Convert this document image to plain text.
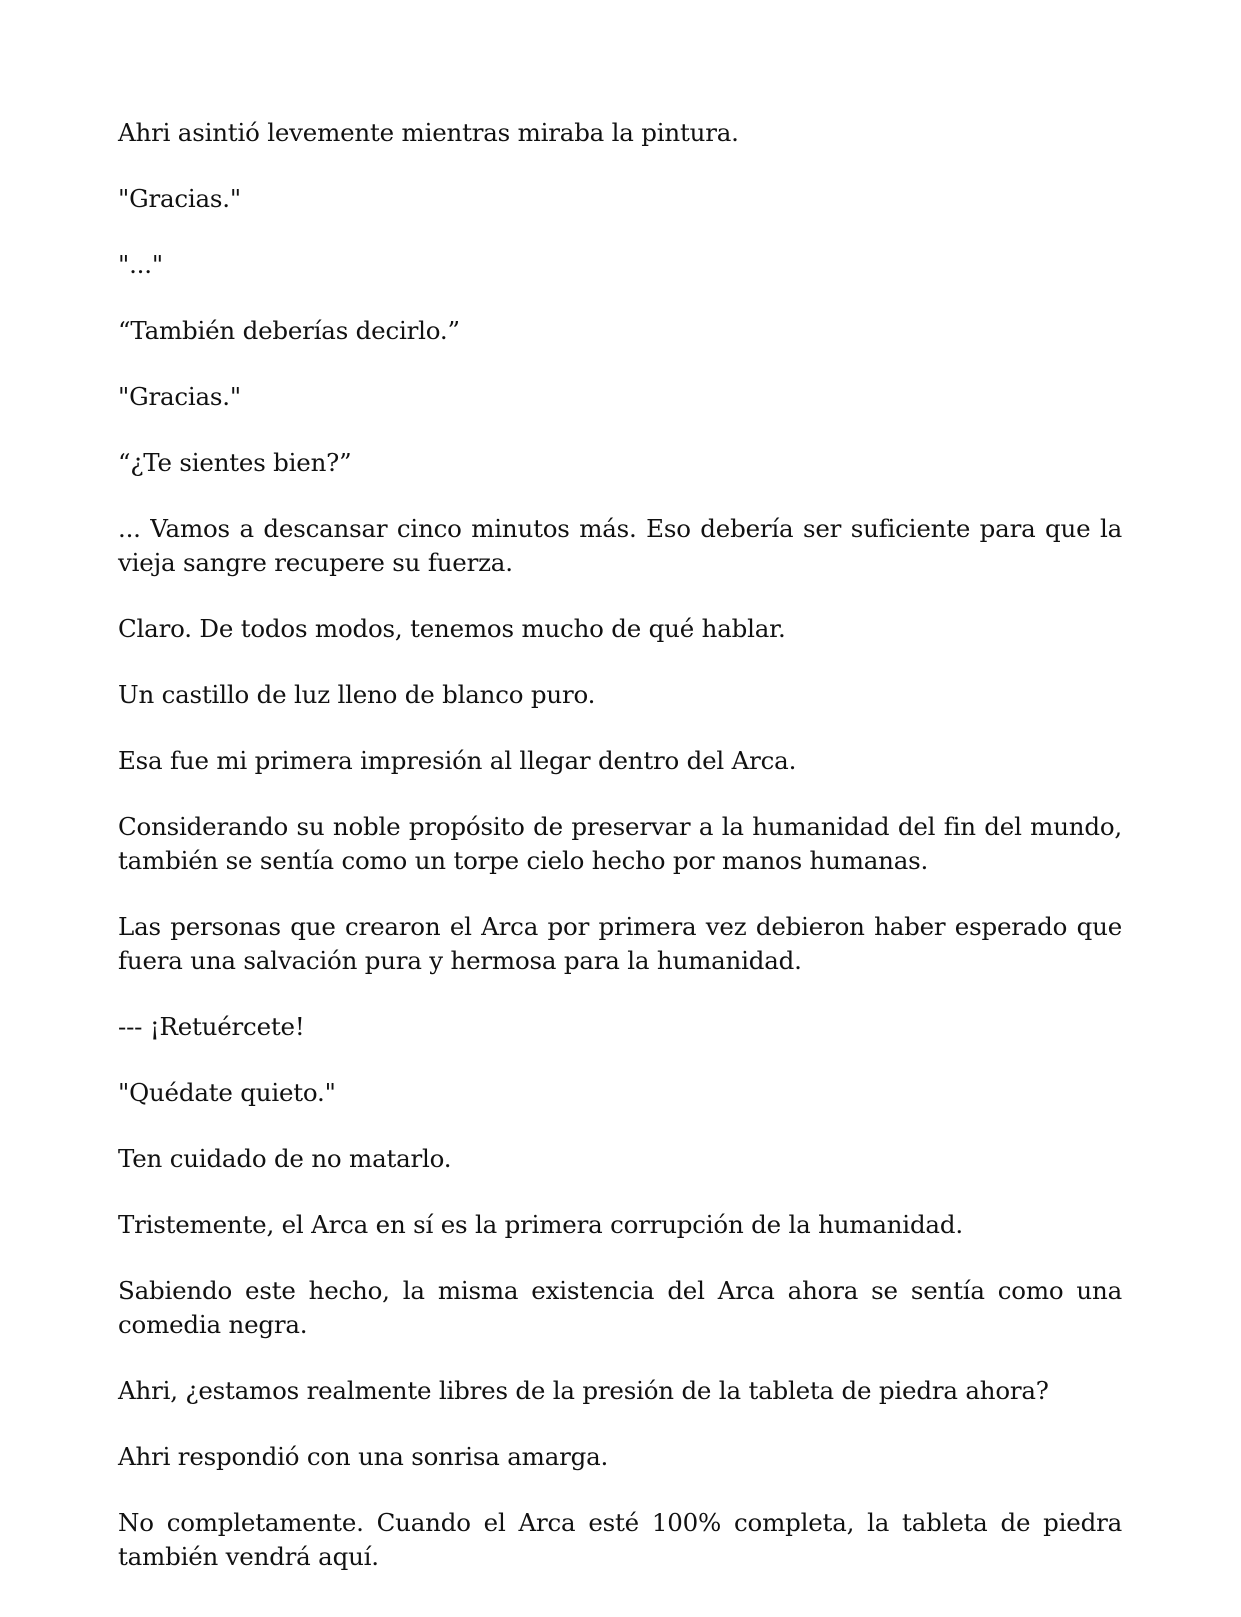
Ahri asintió levemente mientras miraba la pintura.

"Gracias."

"..."

“También deberías decirlo.”

"Gracias."

“¿Te sientes bien?”

... Vamos a descansar cinco minutos más. Eso debería ser suficiente para que la vieja sangre recupere su fuerza.

Claro. De todos modos, tenemos mucho de qué hablar.

Un castillo de luz lleno de blanco puro.

Esa fue mi primera impresión al llegar dentro del Arca.

Considerando su noble propósito de preservar a la humanidad del fin del mundo, también se sentía como un torpe cielo hecho por manos humanas.

Las personas que crearon el Arca por primera vez debieron haber esperado que fuera una salvación pura y hermosa para la humanidad.

--- ¡Retuércete!

"Quédate quieto."

Ten cuidado de no matarlo.

Tristemente, el Arca en sí es la primera corrupción de la humanidad.

Sabiendo este hecho, la misma existencia del Arca ahora se sentía como una comedia negra.

Ahri, ¿estamos realmente libres de la presión de la tableta de piedra ahora?

Ahri respondió con una sonrisa amarga.

No completamente. Cuando el Arca esté 100% completa, la tableta de piedra también vendrá aquí.
